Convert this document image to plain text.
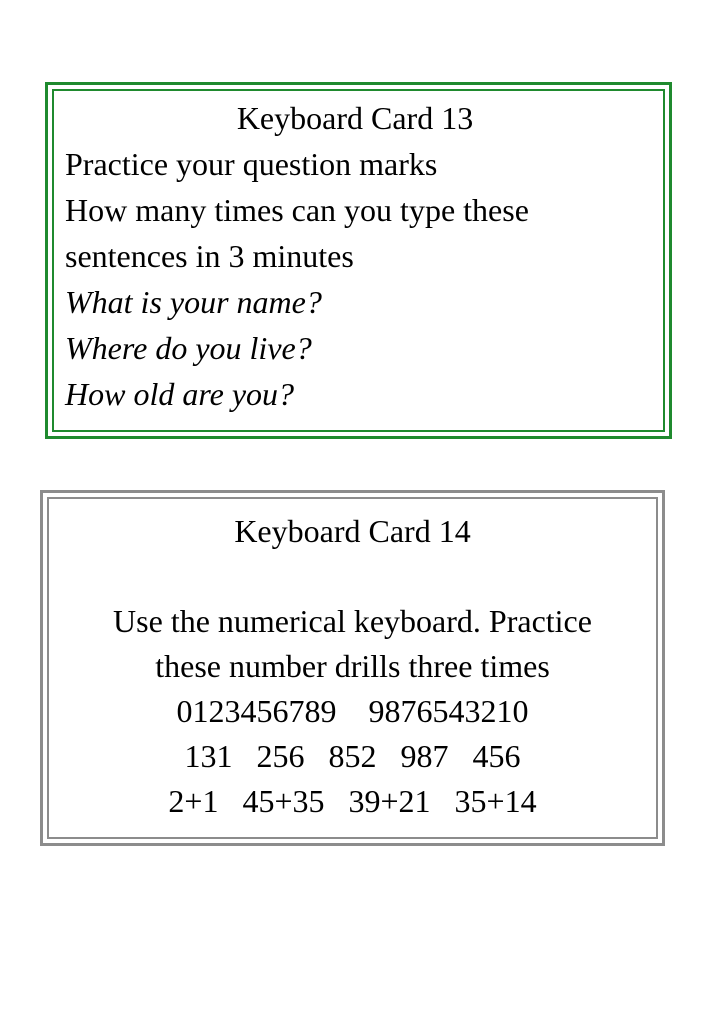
Keyboard Card 13
Practice your question marks
How many times can you type these
sentences in 3 minutes
What is your name?
Where do you live?
How old are you?
Keyboard Card 14
Use the numerical keyboard. Practice
these number drills three times
0123456789    9876543210
131   256   852   987   456
2+1   45+35   39+21   35+14
